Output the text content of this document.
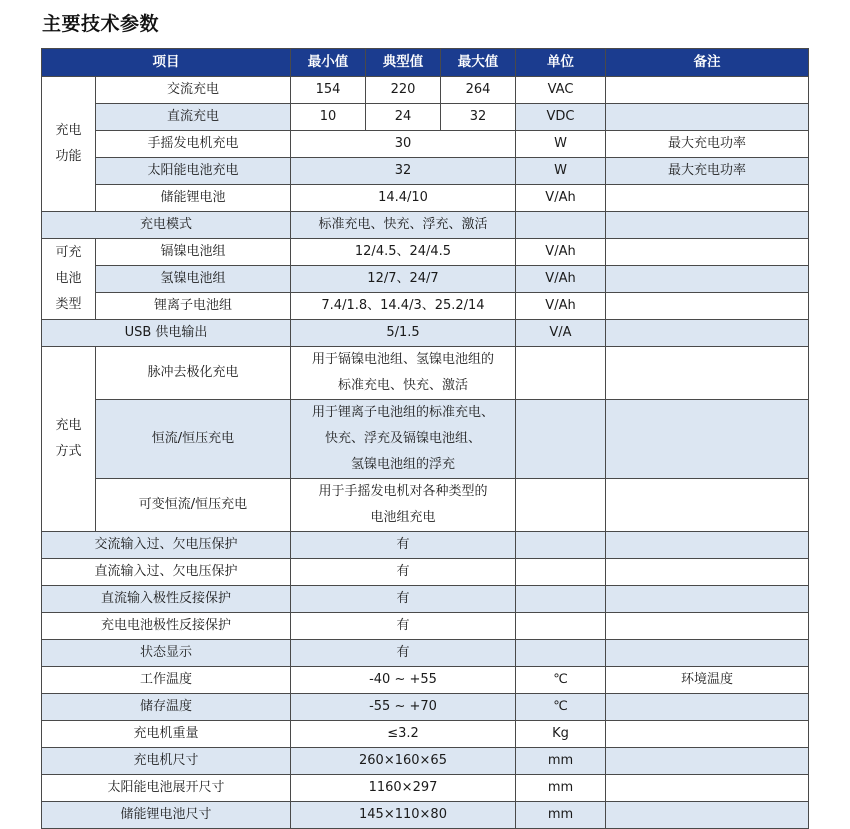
主要技术参数
项目		最小值	典型值	最大值	单位	备注

充电
功能	交流充电	154	220	264	VAC	
	直流充电	10	24	32	VDC	
	手摇发电机充电	30			W	最大充电功率
	太阳能电池充电	32			W	最大充电功率
	储能锂电池	14.4/10			V/Ah	
充电模式		标准充电、快充、浮充、激活				

可充
电池
类型	镉镍电池组	12/4.5、24/4.5			V/Ah	
	氢镍电池组	12/7、24/7			V/Ah	
	锂离子电池组	7.4/1.8、14.4/3、25.2/14			V/Ah	
USB 供电输出		5/1.5			V/A	

充电
方式	脉冲去极化充电	用于镉镍电池组、氢镍电池组的
标准充电、快充、激活				

	恒流/恒压充电	用于锂离子电池组的标准充电、
快充、浮充及镉镍电池组、
氢镍电池组的浮充				

	可变恒流/恒压充电	用于手摇发电机对各种类型的
电池组充电				

交流输入过、欠电压保护		有				
直流输入过、欠电压保护		有				
直流输入极性反接保护		有				
充电电池极性反接保护		有				
状态显示		有				
工作温度		-40 ~ +55			℃	环境温度
储存温度		-55 ~ +70			℃	
充电机重量		≤3.2			Kg	
充电机尺寸		260×160×65			mm	
太阳能电池展开尺寸		1160×297			mm	
储能锂电池尺寸		145×110×80			mm	
